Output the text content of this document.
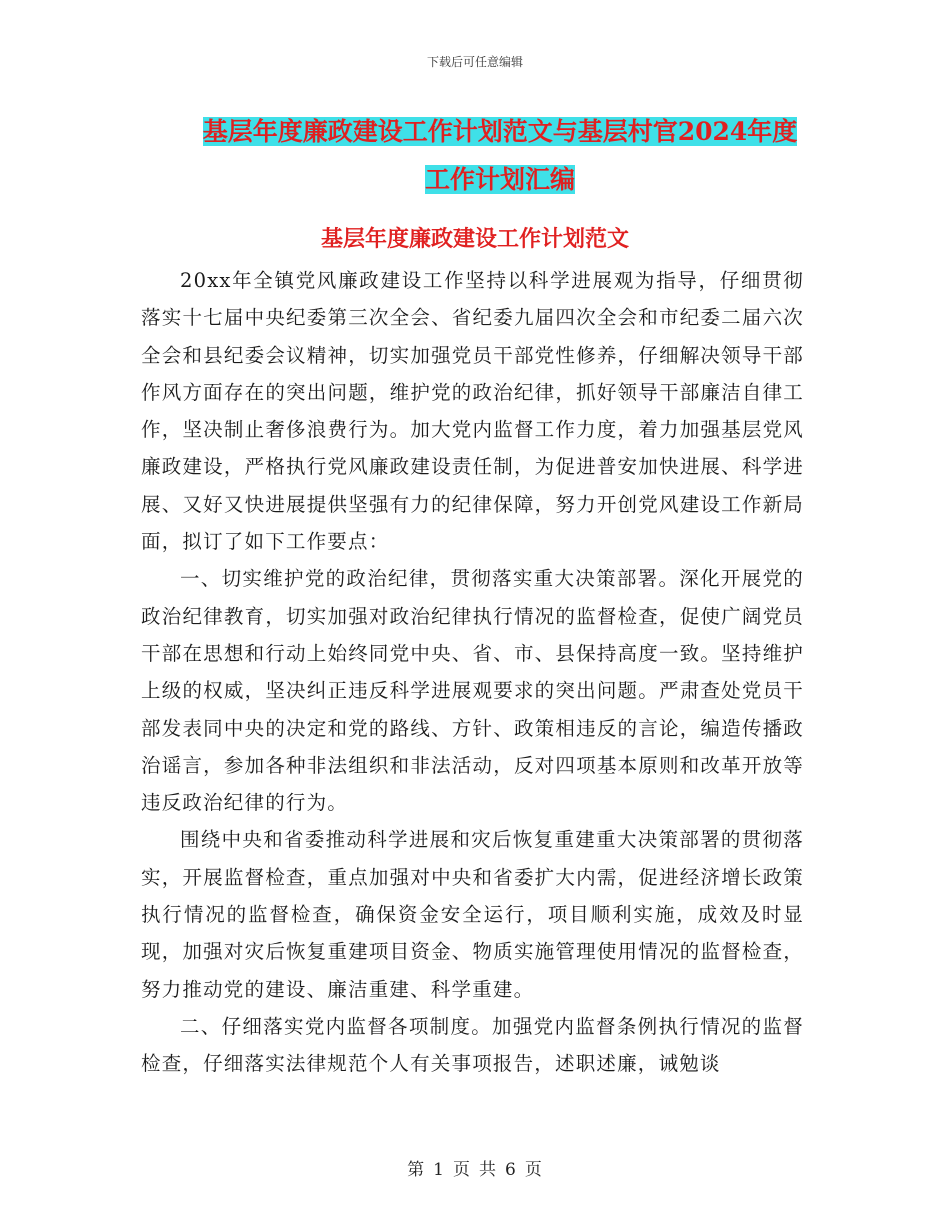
下载后可任意编辑
基层年度廉政建设工作计划范文与基层村官2024年度
工作计划汇编
基层年度廉政建设工作计划范文

20xx年全镇党风廉政建设工作坚持以科学进展观为指导，仔细贯彻落实十七届中央纪委第三次全会、省纪委九届四次全会和市纪委二届六次全会和县纪委会议精神，切实加强党员干部党性修养，仔细解决领导干部作风方面存在的突出问题，维护党的政治纪律，抓好领导干部廉洁自律工作，坚决制止奢侈浪费行为。加大党内监督工作力度，着力加强基层党风廉政建设，严格执行党风廉政建设责任制，为促进普安加快进展、科学进展、又好又快进展提供坚强有力的纪律保障，努力开创党风建设工作新局面，拟订了如下工作要点：

一、切实维护党的政治纪律，贯彻落实重大决策部署。深化开展党的政治纪律教育，切实加强对政治纪律执行情况的监督检查，促使广阔党员干部在思想和行动上始终同党中央、省、市、县保持高度一致。坚持维护上级的权威，坚决纠正违反科学进展观要求的突出问题。严肃查处党员干部发表同中央的决定和党的路线、方针、政策相违反的言论，编造传播政治谣言，参加各种非法组织和非法活动，反对四项基本原则和改革开放等违反政治纪律的行为。

围绕中央和省委推动科学进展和灾后恢复重建重大决策部署的贯彻落实，开展监督检查，重点加强对中央和省委扩大内需，促进经济增长政策执行情况的监督检查，确保资金安全运行，项目顺利实施，成效及时显现，加强对灾后恢复重建项目资金、物质实施管理使用情况的监督检查，努力推动党的建设、廉洁重建、科学重建。

二、仔细落实党内监督各项制度。加强党内监督条例执行情况的监督检查，仔细落实法律规范个人有关事项报告，述职述廉，诫勉谈

第 1 页 共 6 页
